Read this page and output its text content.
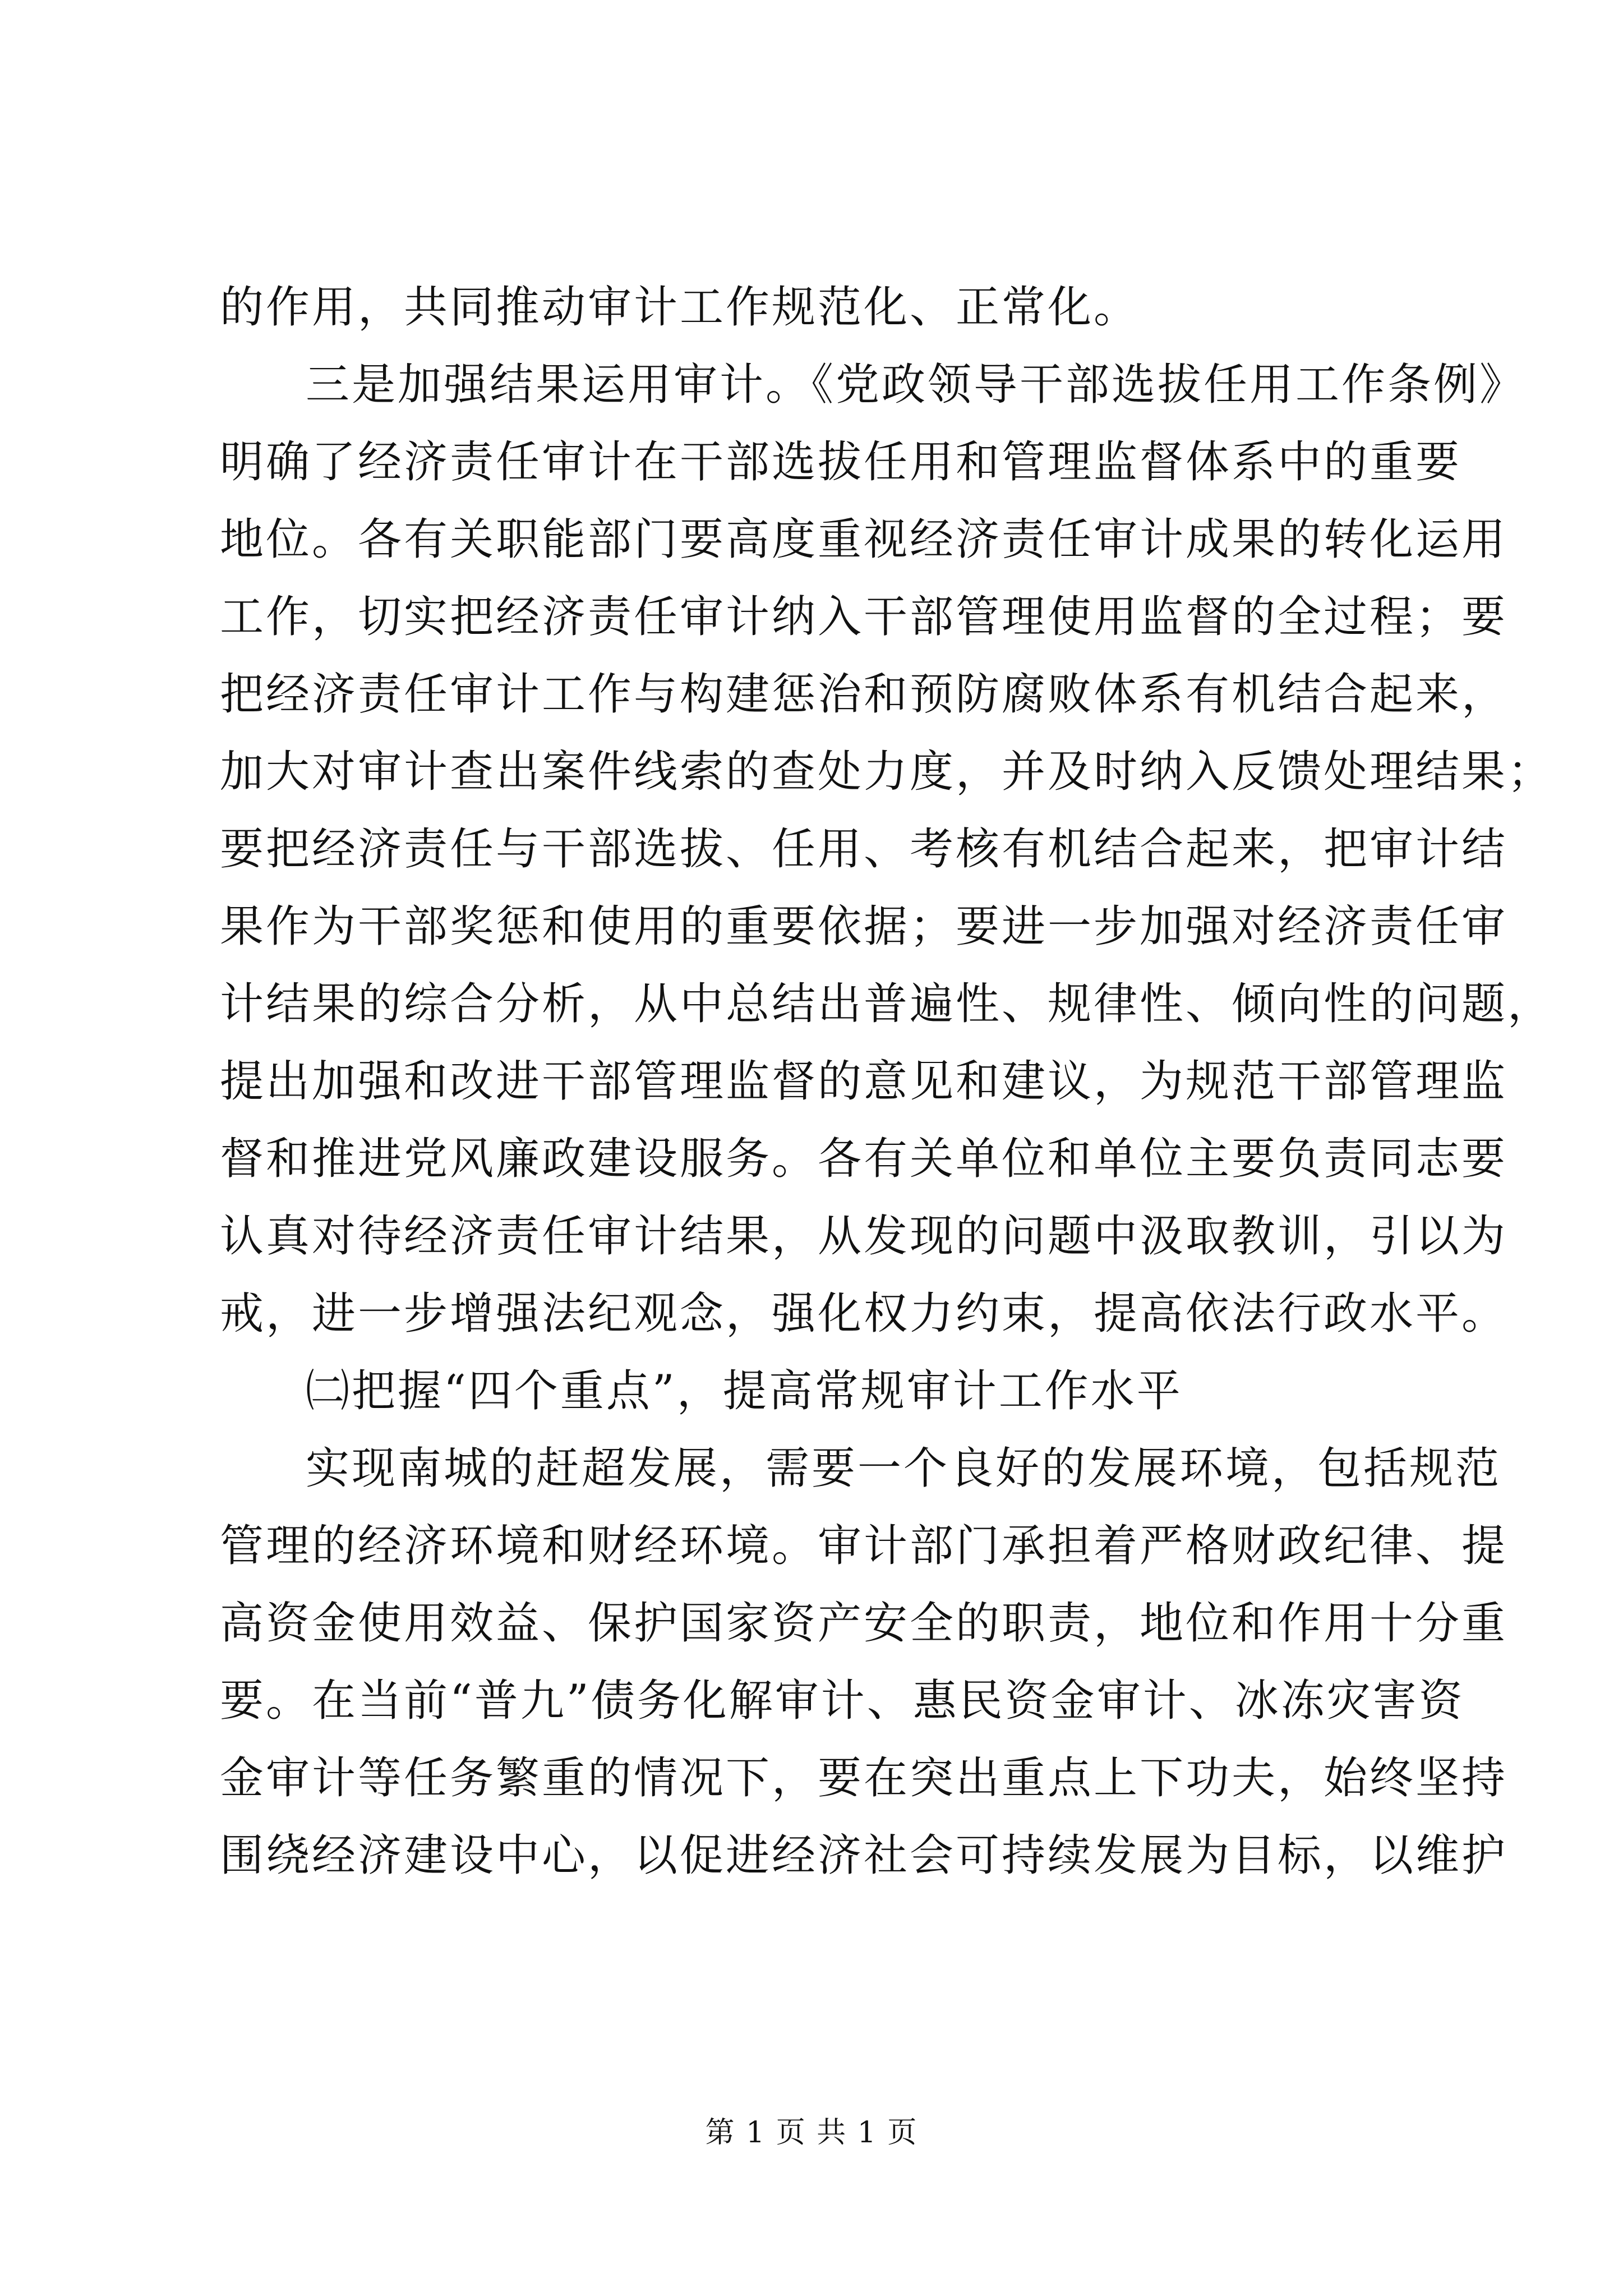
的作用，共同推动审计工作规范化、正常化。
三是加强结果运用审计。《党政领导干部选拔任用工作条例》
明确了经济责任审计在干部选拔任用和管理监督体系中的重要
地位。各有关职能部门要高度重视经济责任审计成果的转化运用
工作，切实把经济责任审计纳入干部管理使用监督的全过程；要
把经济责任审计工作与构建惩治和预防腐败体系有机结合起来，
加大对审计查出案件线索的查处力度，并及时纳入反馈处理结果；
要把经济责任与干部选拔、任用、考核有机结合起来，把审计结
果作为干部奖惩和使用的重要依据；要进一步加强对经济责任审
计结果的综合分析，从中总结出普遍性、规律性、倾向性的问题，
提出加强和改进干部管理监督的意见和建议，为规范干部管理监
督和推进党风廉政建设服务。各有关单位和单位主要负责同志要
认真对待经济责任审计结果，从发现的问题中汲取教训，引以为
戒，进一步增强法纪观念，强化权力约束，提高依法行政水平。
㈡把握“四个重点”，提高常规审计工作水平
实现南城的赶超发展，需要一个良好的发展环境，包括规范
管理的经济环境和财经环境。审计部门承担着严格财政纪律、提
高资金使用效益、保护国家资产安全的职责，地位和作用十分重
要。在当前“普九”债务化解审计、惠民资金审计、冰冻灾害资
金审计等任务繁重的情况下，要在突出重点上下功夫，始终坚持
围绕经济建设中心，以促进经济社会可持续发展为目标，以维护
第 1 页 共 1 页
